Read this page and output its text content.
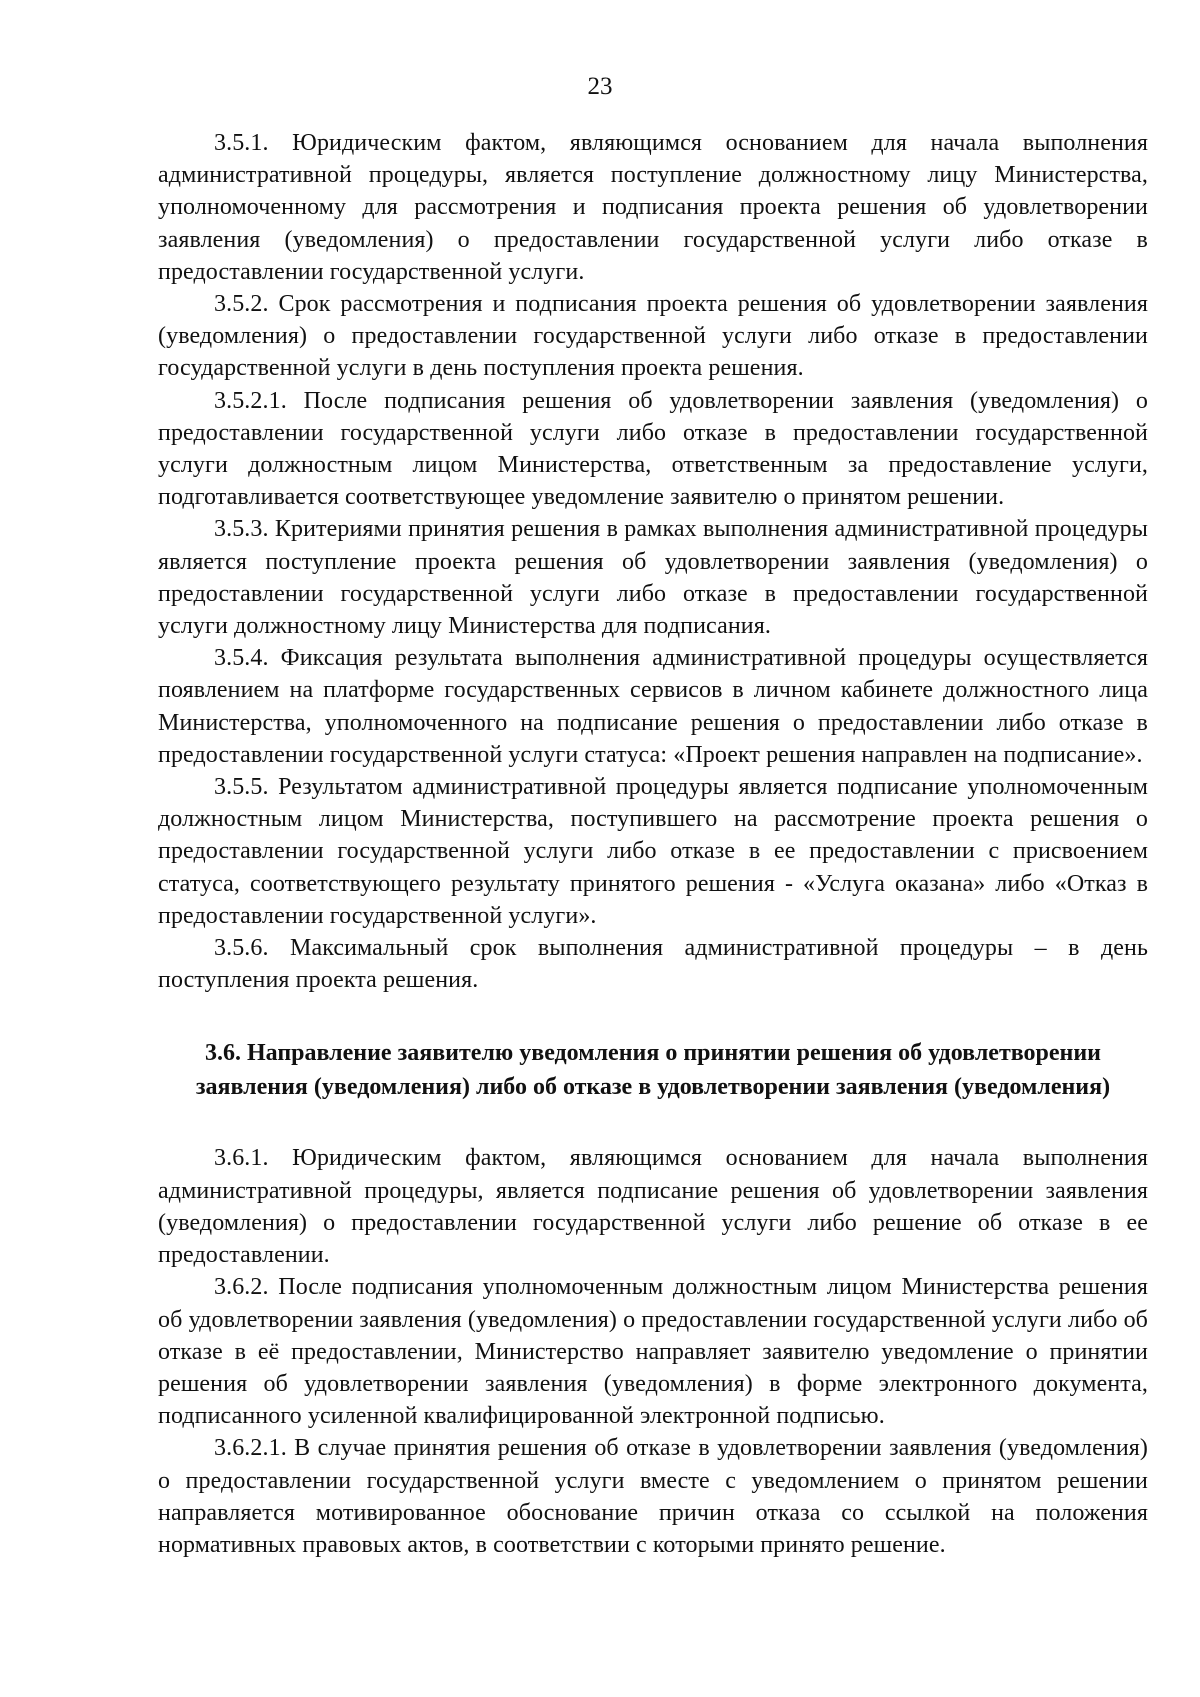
23

3.5.1. Юридическим фактом, являющимся основанием для начала выполнения административной процедуры, является поступление должностному лицу Министерства, уполномоченному для рассмотрения и подписания проекта решения об удовлетворении заявления (уведомления) о предоставлении государственной услуги либо отказе в предоставлении государственной услуги.

3.5.2. Срок рассмотрения и подписания проекта решения об удовлетворении заявления (уведомления) о предоставлении государственной услуги либо отказе в предоставлении государственной услуги в день поступления проекта решения.

3.5.2.1. После подписания решения об удовлетворении заявления (уведомления) о предоставлении государственной услуги либо отказе в предоставлении государственной услуги должностным лицом Министерства, ответственным за предоставление услуги, подготавливается соответствующее уведомление заявителю о принятом решении.

3.5.3. Критериями принятия решения в рамках выполнения административной процедуры является поступление проекта решения об удовлетворении заявления (уведомления) о предоставлении государственной услуги либо отказе в предоставлении государственной услуги должностному лицу Министерства для подписания.

3.5.4. Фиксация результата выполнения административной процедуры осуществляется появлением на платформе государственных сервисов в личном кабинете должностного лица Министерства, уполномоченного на подписание решения о предоставлении либо отказе в предоставлении государственной услуги статуса: «Проект решения направлен на подписание».

3.5.5. Результатом административной процедуры является подписание уполномоченным должностным лицом Министерства, поступившего на рассмотрение проекта решения о предоставлении государственной услуги либо отказе в ее предоставлении с присвоением статуса, соответствующего результату принятого решения - «Услуга оказана» либо «Отказ в предоставлении государственной услуги».

3.5.6. Максимальный срок выполнения административной процедуры – в день поступления проекта решения.

3.6. Направление заявителю уведомления о принятии решения об удовлетворении заявления (уведомления) либо об отказе в удовлетворении заявления (уведомления)

3.6.1. Юридическим фактом, являющимся основанием для начала выполнения административной процедуры, является подписание решения об удовлетворении заявления (уведомления) о предоставлении государственной услуги либо решение об отказе в ее предоставлении.

3.6.2. После подписания уполномоченным должностным лицом Министерства решения об удовлетворении заявления (уведомления) о предоставлении государственной услуги либо об отказе в её предоставлении, Министерство направляет заявителю уведомление о принятии решения об удовлетворении заявления (уведомления) в форме электронного документа, подписанного усиленной квалифицированной электронной подписью.

3.6.2.1. В случае принятия решения об отказе в удовлетворении заявления (уведомления) о предоставлении государственной услуги вместе с уведомлением о принятом решении направляется мотивированное обоснование причин отказа со ссылкой на положения нормативных правовых актов, в соответствии с которыми принято решение.
